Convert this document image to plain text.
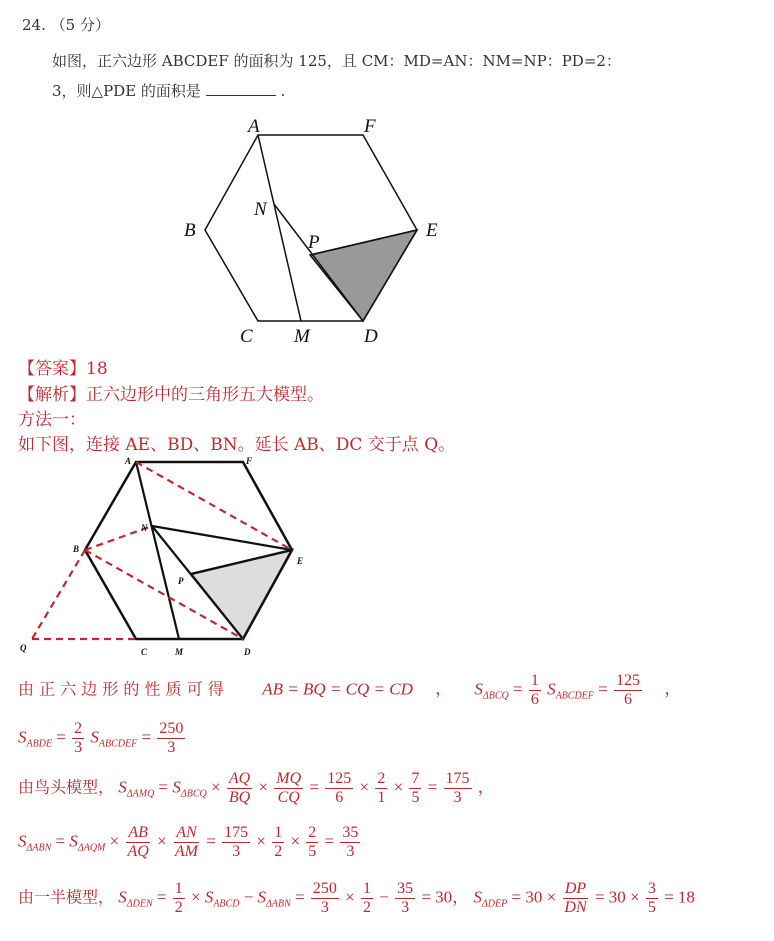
24. （5 分）
如图，正六边形 ABCDEF 的面积为 125，且 CM：MD=AN：NM=NP：PD=2：
3，则△PDE 的面积是	.
A	F
B	E
C M	D
N
P
【答案】18
【解析】正六边形中的三角形五大模型。
方法一：
如下图，连接 AE、BD、BN。延长 AB、DC 交于点 Q。
A	F
B
E
C	M	D
N
P
Q
由 正 六 边 形 的 性 质 可 得 AB = BQ = CQ = CD ， $S_{\Delta BCQ} = \frac{1}{6} S_{ABCDEF} = \frac{125}{6}$ ，
$S_{ABDE} = \frac{2}{3} S_{ABCDEF} = \frac{250}{3}$
由鸟头模型， $S_{\Delta AMQ} = S_{\Delta BCQ} \times \frac{AQ}{BQ} \times \frac{MQ}{CQ} = \frac{125}{6} \times \frac{2}{1} \times \frac{7}{5} = \frac{175}{3}$ ，
$S_{\Delta ABN} = S_{\Delta AQM} \times \frac{AB}{AQ} \times \frac{AN}{AM} = \frac{175}{3} \times \frac{1}{2} \times \frac{2}{5} = \frac{35}{3}$
由一半模型， $S_{\Delta DEN} = \frac{1}{2} \times S_{ABCD} - S_{\Delta ABN} = \frac{250}{3} \times \frac{1}{2} - \frac{35}{3} = 30$， $S_{\Delta DEP} = 30 \times \frac{DP}{DN} = 30 \times \frac{3}{5} = 18$
